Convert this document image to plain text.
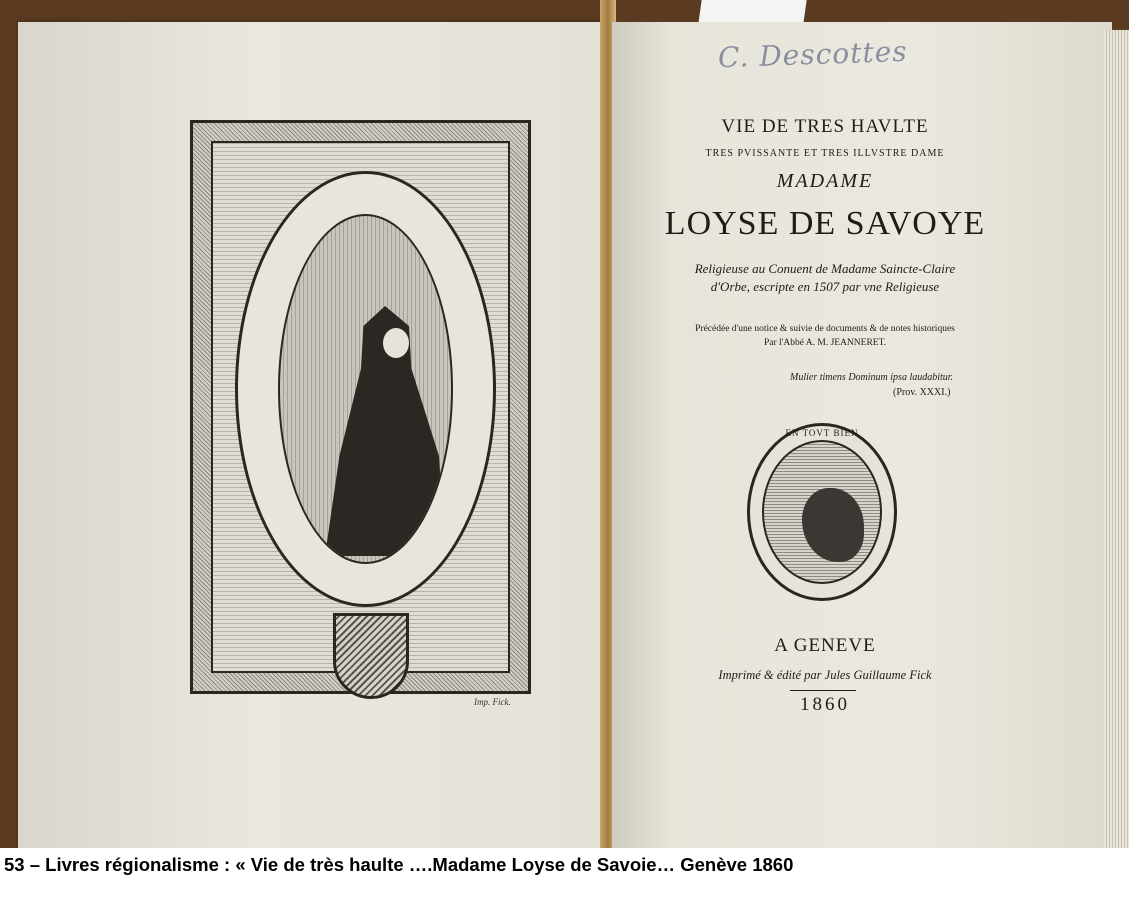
Imp. Fick.
C. Descottes
VIE DE TRES HAVLTE
TRES PVISSANTE ET TRES ILLVSTRE DAME
MADAME
LOYSE DE SAVOYE
Religieuse au Conuent de Madame Saincte-Claire d'Orbe, escripte en 1507 par vne Religieuse
Précédée d'une notice & suivie de documents & de notes historiques
Par l'Abbé A. M. JEANNERET.
Mulier timens Dominum ipsa laudabitur.
(Prov. XXXI.)
EN TOVT BIEN
A GENEVE
Imprimé & édité par Jules Guillaume Fick
1860
53 – Livres régionalisme : « Vie de très haulte ….Madame Loyse de Savoie… Genève 1860
